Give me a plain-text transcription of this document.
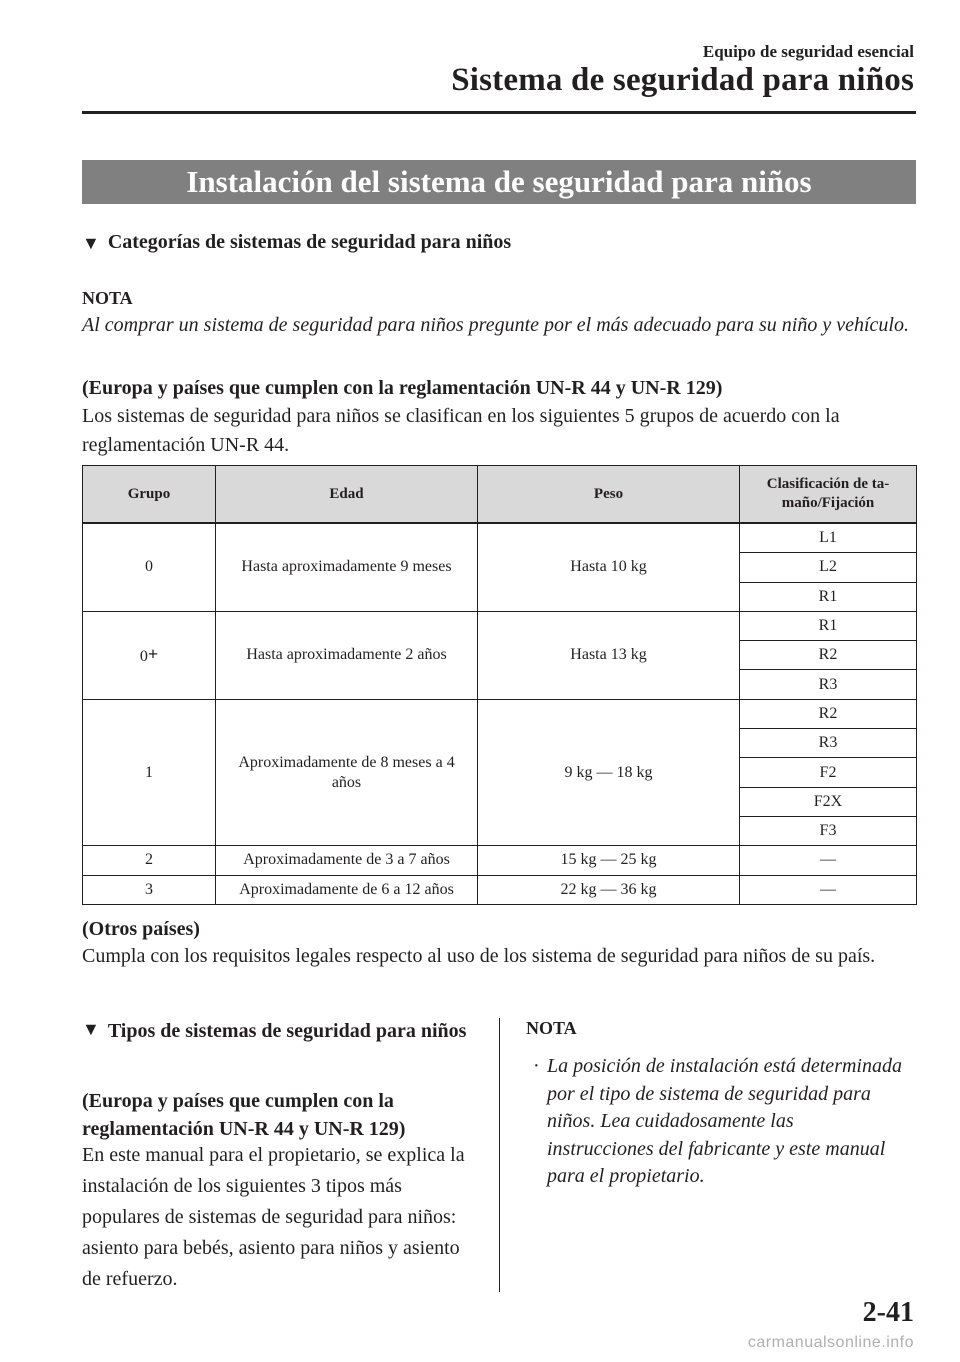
Equipo de seguridad esencial
Sistema de seguridad para niños
Instalación del sistema de seguridad para niños
▼ Categorías de sistemas de seguridad para niños
NOTA
Al comprar un sistema de seguridad para niños pregunte por el más adecuado para su niño y vehículo.
(Europa y países que cumplen con la reglamentación UN-R 44 y UN-R 129)
Los sistemas de seguridad para niños se clasifican en los siguientes 5 grupos de acuerdo con la reglamentación UN-R 44.
Grupo	Edad	Peso	Clasificación de ta-
maño/Fijación
0	Hasta aproximadamente 9 meses	Hasta 10 kg	L1
			L2
			R1
0+	Hasta aproximadamente 2 años	Hasta 13 kg	R1
			R2
			R3
1	Aproximadamente de 8 meses a 4 años	9 kg — 18 kg	R2
			R3
			F2
			F2X
			F3
2	Aproximadamente de 3 a 7 años	15 kg — 25 kg	—
3	Aproximadamente de 6 a 12 años	22 kg — 36 kg	—
(Otros países)
Cumpla con los requisitos legales respecto al uso de los sistema de seguridad para niños de su país.
▼ Tipos de sistemas de seguridad para niños
(Europa y países que cumplen con la reglamentación UN-R 44 y UN-R 129)
En este manual para el propietario, se explica la instalación de los siguientes 3 tipos más populares de sistemas de seguridad para niños: asiento para bebés, asiento para niños y asiento de refuerzo.
NOTA
· La posición de instalación está determinada por el tipo de sistema de seguridad para niños. Lea cuidadosamente las instrucciones del fabricante y este manual para el propietario.
2-41
carmanualsonline.info
